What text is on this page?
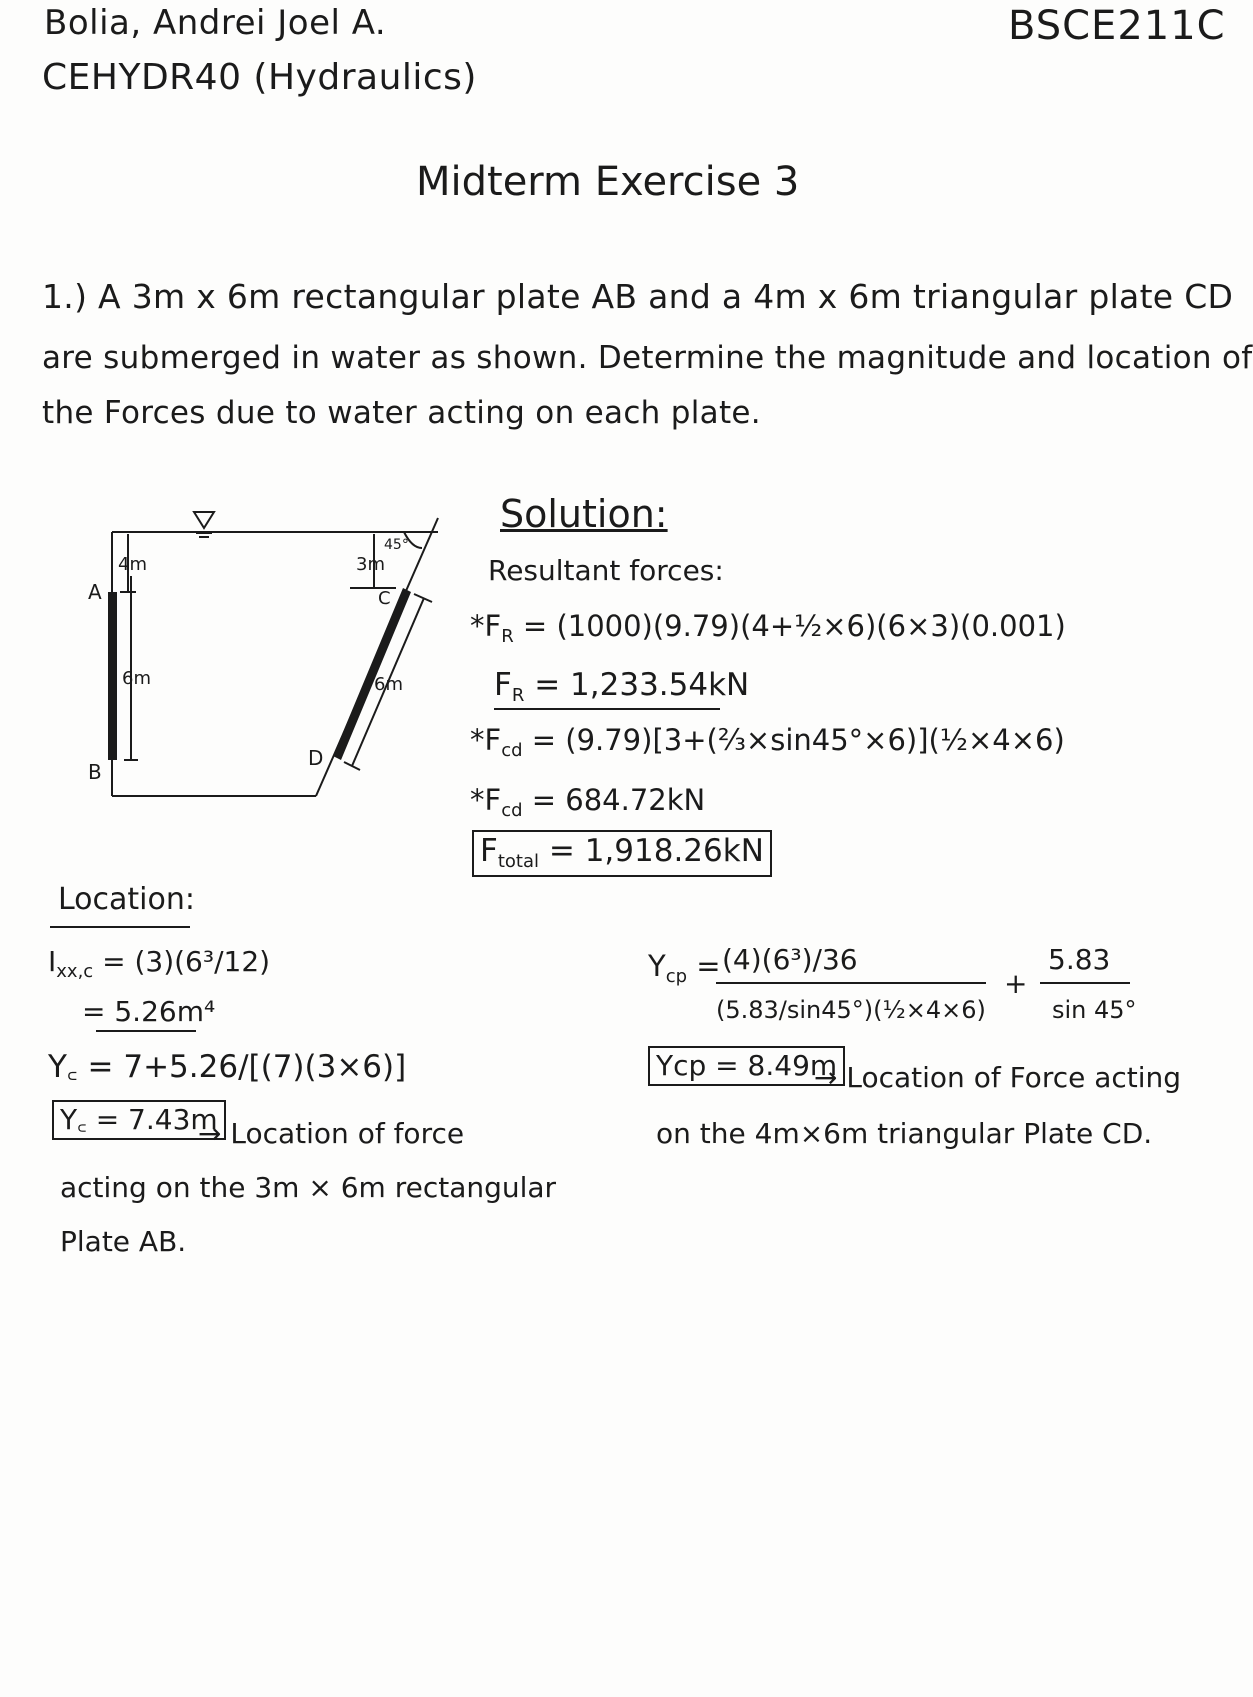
Bolia, Andrei Joel A.
CEHYDR40 (Hydraulics)
BSCE211C
Midterm Exercise 3
1.) A 3m x 6m rectangular plate AB and a 4m x 6m triangular plate CD
are submerged in water as shown. Determine the magnitude and location of
the Forces due to water acting on each plate.
A
B
C
D
4m
6m
3m
45°
6m
Solution:
Resultant forces:
$*F_R$ = (1000)(9.79)(4+½×6)(6×3)(0.001)
$F_R = 1,233.54kN$
$*F_{cd}$ = (9.79)[3+(⅔×sin45°×6)](½×4×6)
$*F_{cd} = 684.72kN$
$F_{total} = 1,918.26kN$
Location:
$I_{xx,c} = (3)(6^3/12)$
= 5.26m⁴
Y꜀ = 7+5.26/[(7)(3×6)]
Y꜀ = 7.43m
→ Location of force
acting on the 3m × 6m rectangular
Plate AB.
$Y_{cp} = (4)(6^3)/36$
(5.83/sin45°)(½×4×6)
+
5.83
sin 45°
Ycp = 8.49m
→ Location of Force acting
on the 4m×6m triangular Plate CD.
